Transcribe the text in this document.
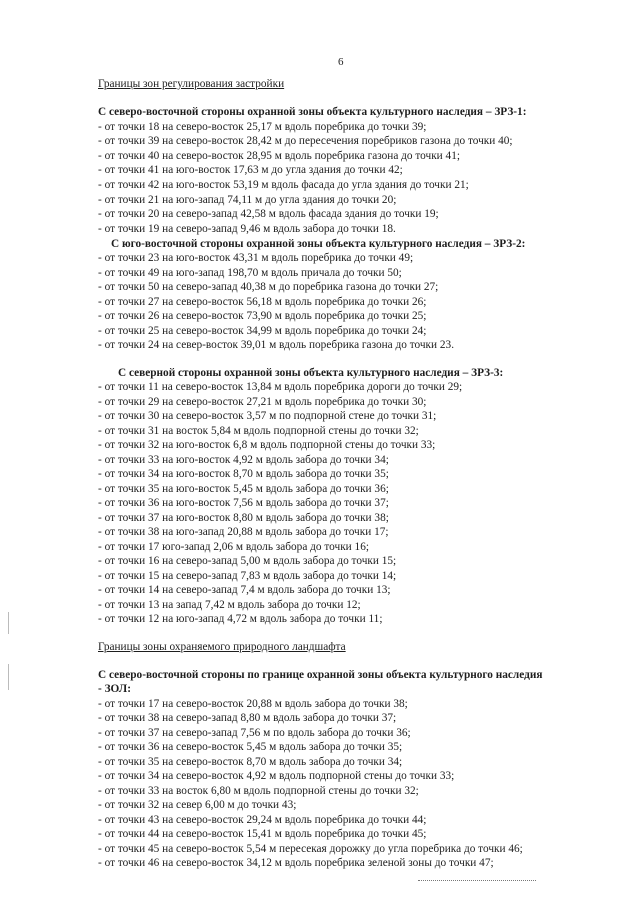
6
Границы зон регулирования застройки
С северо-восточной стороны охранной зоны объекта культурного наследия – ЗРЗ-1:
- от точки 18 на северо-восток 25,17 м вдоль поребрика до точки 39;
- от точки 39 на северо-восток 28,42 м до пересечения поребриков газона до точки 40;
- от точки 40 на северо-восток 28,95 м вдоль поребрика газона до точки 41;
- от точки 41 на юго-восток 17,63 м до угла здания до точки 42;
- от точки 42 на юго-восток 53,19 м вдоль фасада до угла здания до точки 21;
- от точки 21 на юго-запад 74,11 м до угла здания до точки 20;
- от точки 20 на северо-запад 42,58 м вдоль фасада здания до точки 19;
- от точки 19 на северо-запад 9,46 м вдоль забора до точки 18.
С юго-восточной стороны охранной зоны объекта культурного наследия – ЗРЗ-2:
- от точки 23 на юго-восток 43,31 м вдоль поребрика до точки 49;
- от точки 49 на юго-запад 198,70 м вдоль причала до точки 50;
- от точки 50 на северо-запад 40,38 м до поребрика газона до точки 27;
- от точки 27 на северо-восток 56,18 м вдоль поребрика до точки 26;
- от точки 26 на северо-восток 73,90 м вдоль поребрика до точки 25;
- от точки 25 на северо-восток 34,99 м вдоль поребрика до точки 24;
- от точки 24 на север-восток 39,01 м вдоль поребрика газона до точки 23.
С северной стороны охранной зоны объекта культурного наследия – ЗРЗ-3:
- от точки 11 на северо-восток 13,84 м вдоль поребрика дороги до точки 29;
- от точки 29 на северо-восток 27,21 м вдоль поребрика до точки 30;
- от точки 30 на северо-восток 3,57 м по подпорной стене до точки 31;
- от точки 31 на восток 5,84 м вдоль подпорной стены до точки 32;
- от точки 32 на юго-восток 6,8 м вдоль подпорной стены до точки 33;
- от точки 33 на юго-восток 4,92 м вдоль забора до точки 34;
- от точки 34 на юго-восток 8,70 м вдоль забора до точки 35;
- от точки 35 на юго-восток 5,45 м вдоль забора до точки 36;
- от точки 36 на юго-восток 7,56 м вдоль забора до точки 37;
- от точки 37 на юго-восток 8,80 м вдоль забора до точки 38;
- от точки 38 на юго-запад 20,88 м вдоль забора до точки 17;
- от точки 17 юго-запад 2,06 м вдоль забора до точки 16;
- от точки 16 на северо-запад 5,00 м вдоль забора до точки 15;
- от точки 15 на северо-запад 7,83 м вдоль забора до точки 14;
- от точки 14 на северо-запад 7,4 м вдоль забора до точки 13;
- от точки 13 на запад 7,42 м вдоль забора до точки 12;
- от точки 12 на юго-запад 4,72 м вдоль забора до точки 11;
Границы зоны охраняемого природного ландшафта
С северо-восточной стороны по границе охранной зоны объекта культурного наследия
- ЗОЛ:
- от точки 17 на северо-восток 20,88 м вдоль забора до точки 38;
- от точки 38 на северо-запад 8,80 м вдоль забора до точки 37;
- от точки 37 на северо-запад 7,56 м по вдоль забора до точки 36;
- от точки 36 на северо-восток 5,45 м вдоль забора до точки 35;
- от точки 35 на северо-восток 8,70 м вдоль забора до точки 34;
- от точки 34 на северо-восток 4,92 м вдоль подпорной стены до точки 33;
- от точки 33 на восток 6,80 м вдоль подпорной стены до точки 32;
- от точки 32 на север 6,00 м до точки 43;
- от точки 43 на северо-восток 29,24 м вдоль поребрика до точки 44;
- от точки 44 на северо-восток 15,41 м вдоль поребрика до точки 45;
- от точки 45 на северо-восток 5,54 м пересекая дорожку до угла поребрика до точки 46;
- от точки 46 на северо-восток 34,12 м вдоль поребрика зеленой зоны до точки 47;
